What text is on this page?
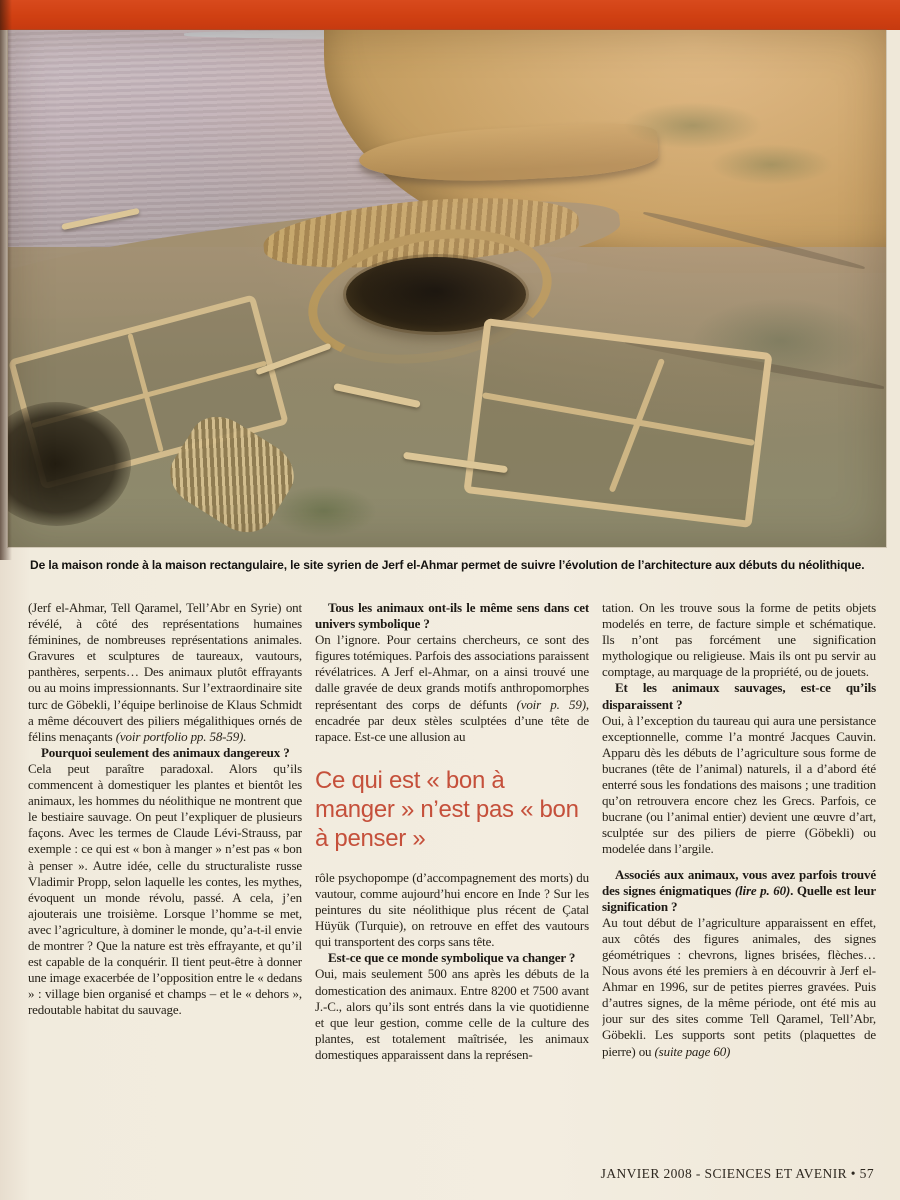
De la maison ronde à la maison rectangulaire, le site syrien de Jerf el-Ahmar permet de suivre l’évolution de l’architecture aux débuts du néolithique.
(Jerf el-Ahmar, Tell Qaramel, Tell’Abr en Syrie) ont révélé, à côté des représentations humaines féminines, de nombreuses représentations animales. Gravures et sculptures de taureaux, vautours, panthères, serpents… Des animaux plutôt effrayants ou au moins impressionnants. Sur l’extraordinaire site turc de Göbekli, l’équipe berlinoise de Klaus Schmidt a même découvert des piliers mégalithiques ornés de félins menaçants (voir portfolio pp. 58-59).
Pourquoi seulement des animaux dangereux ?
Cela peut paraître paradoxal. Alors qu’ils commencent à domestiquer les plantes et bientôt les animaux, les hommes du néolithique ne montrent que le bestiaire sauvage. On peut l’expliquer de plusieurs façons. Avec les termes de Claude Lévi-Strauss, par exemple : ce qui est « bon à manger » n’est pas « bon à penser ». Autre idée, celle du structuraliste russe Vladimir Propp, selon laquelle les contes, les mythes, évoquent un monde révolu, passé. A cela, j’en ajouterais une troisième. Lorsque l’homme se met, avec l’agriculture, à dominer le monde, qu’a-t-il envie de montrer ? Que la nature est très effrayante, et qu’il est capable de la conquérir. Il tient peut-être à donner une image exacerbée de l’opposition entre le « dedans » : village bien organisé et champs – et le « dehors », redoutable habitat du sauvage.
Tous les animaux ont-ils le même sens dans cet univers symbolique ?
On l’ignore. Pour certains chercheurs, ce sont des figures totémiques. Parfois des associations paraissent révélatrices. A Jerf el-Ahmar, on a ainsi trouvé une dalle gravée de deux grands motifs anthropomorphes représentant des corps de défunts (voir p. 59), encadrée par deux stèles sculptées d’une tête de rapace. Est-ce une allusion au
Ce qui est « bon à manger » n’est pas « bon à penser »
rôle psychopompe (d’accompagnement des morts) du vautour, comme aujourd’hui encore en Inde ? Sur les peintures du site néolithique plus récent de Çatal Hüyük (Turquie), on retrouve en effet des vautours qui transportent des corps sans tête.
Est-ce que ce monde symbolique va changer ?
Oui, mais seulement 500 ans après les débuts de la domestication des animaux. Entre 8200 et 7500 avant J.-C., alors qu’ils sont entrés dans la vie quotidienne et que leur gestion, comme celle de la culture des plantes, est totalement maîtrisée, les animaux domestiques apparaissent dans la représen-
tation. On les trouve sous la forme de petits objets modelés en terre, de facture simple et schématique. Ils n’ont pas forcément une signification mythologique ou religieuse. Mais ils ont pu servir au comptage, au marquage de la propriété, ou de jouets.
Et les animaux sauvages, est-ce qu’ils disparaissent ?
Oui, à l’exception du taureau qui aura une persistance exceptionnelle, comme l’a montré Jacques Cauvin. Apparu dès les débuts de l’agriculture sous forme de bucranes (tête de l’animal) naturels, il a d’abord été enterré sous les fondations des maisons ; une tradition qu’on retrouvera encore chez les Grecs. Parfois, ce bucrane (ou l’animal entier) devient une œuvre d’art, sculptée sur des piliers de pierre (Göbekli) ou modelée dans l’argile.
Associés aux animaux, vous avez parfois trouvé des signes énigmatiques (lire p. 60). Quelle est leur signification ?
Au tout début de l’agriculture apparaissent en effet, aux côtés des figures animales, des signes géométriques : chevrons, lignes brisées, flèches… Nous avons été les premiers à en découvrir à Jerf el-Ahmar en 1996, sur de petites pierres gravées. Puis d’autres signes, de la même période, ont été mis au jour sur des sites comme Tell Qaramel, Tell’Abr, Göbekli. Les supports sont petits (plaquettes de pierre) ou (suite page 60)
JANVIER 2008 - SCIENCES ET AVENIR • 57
